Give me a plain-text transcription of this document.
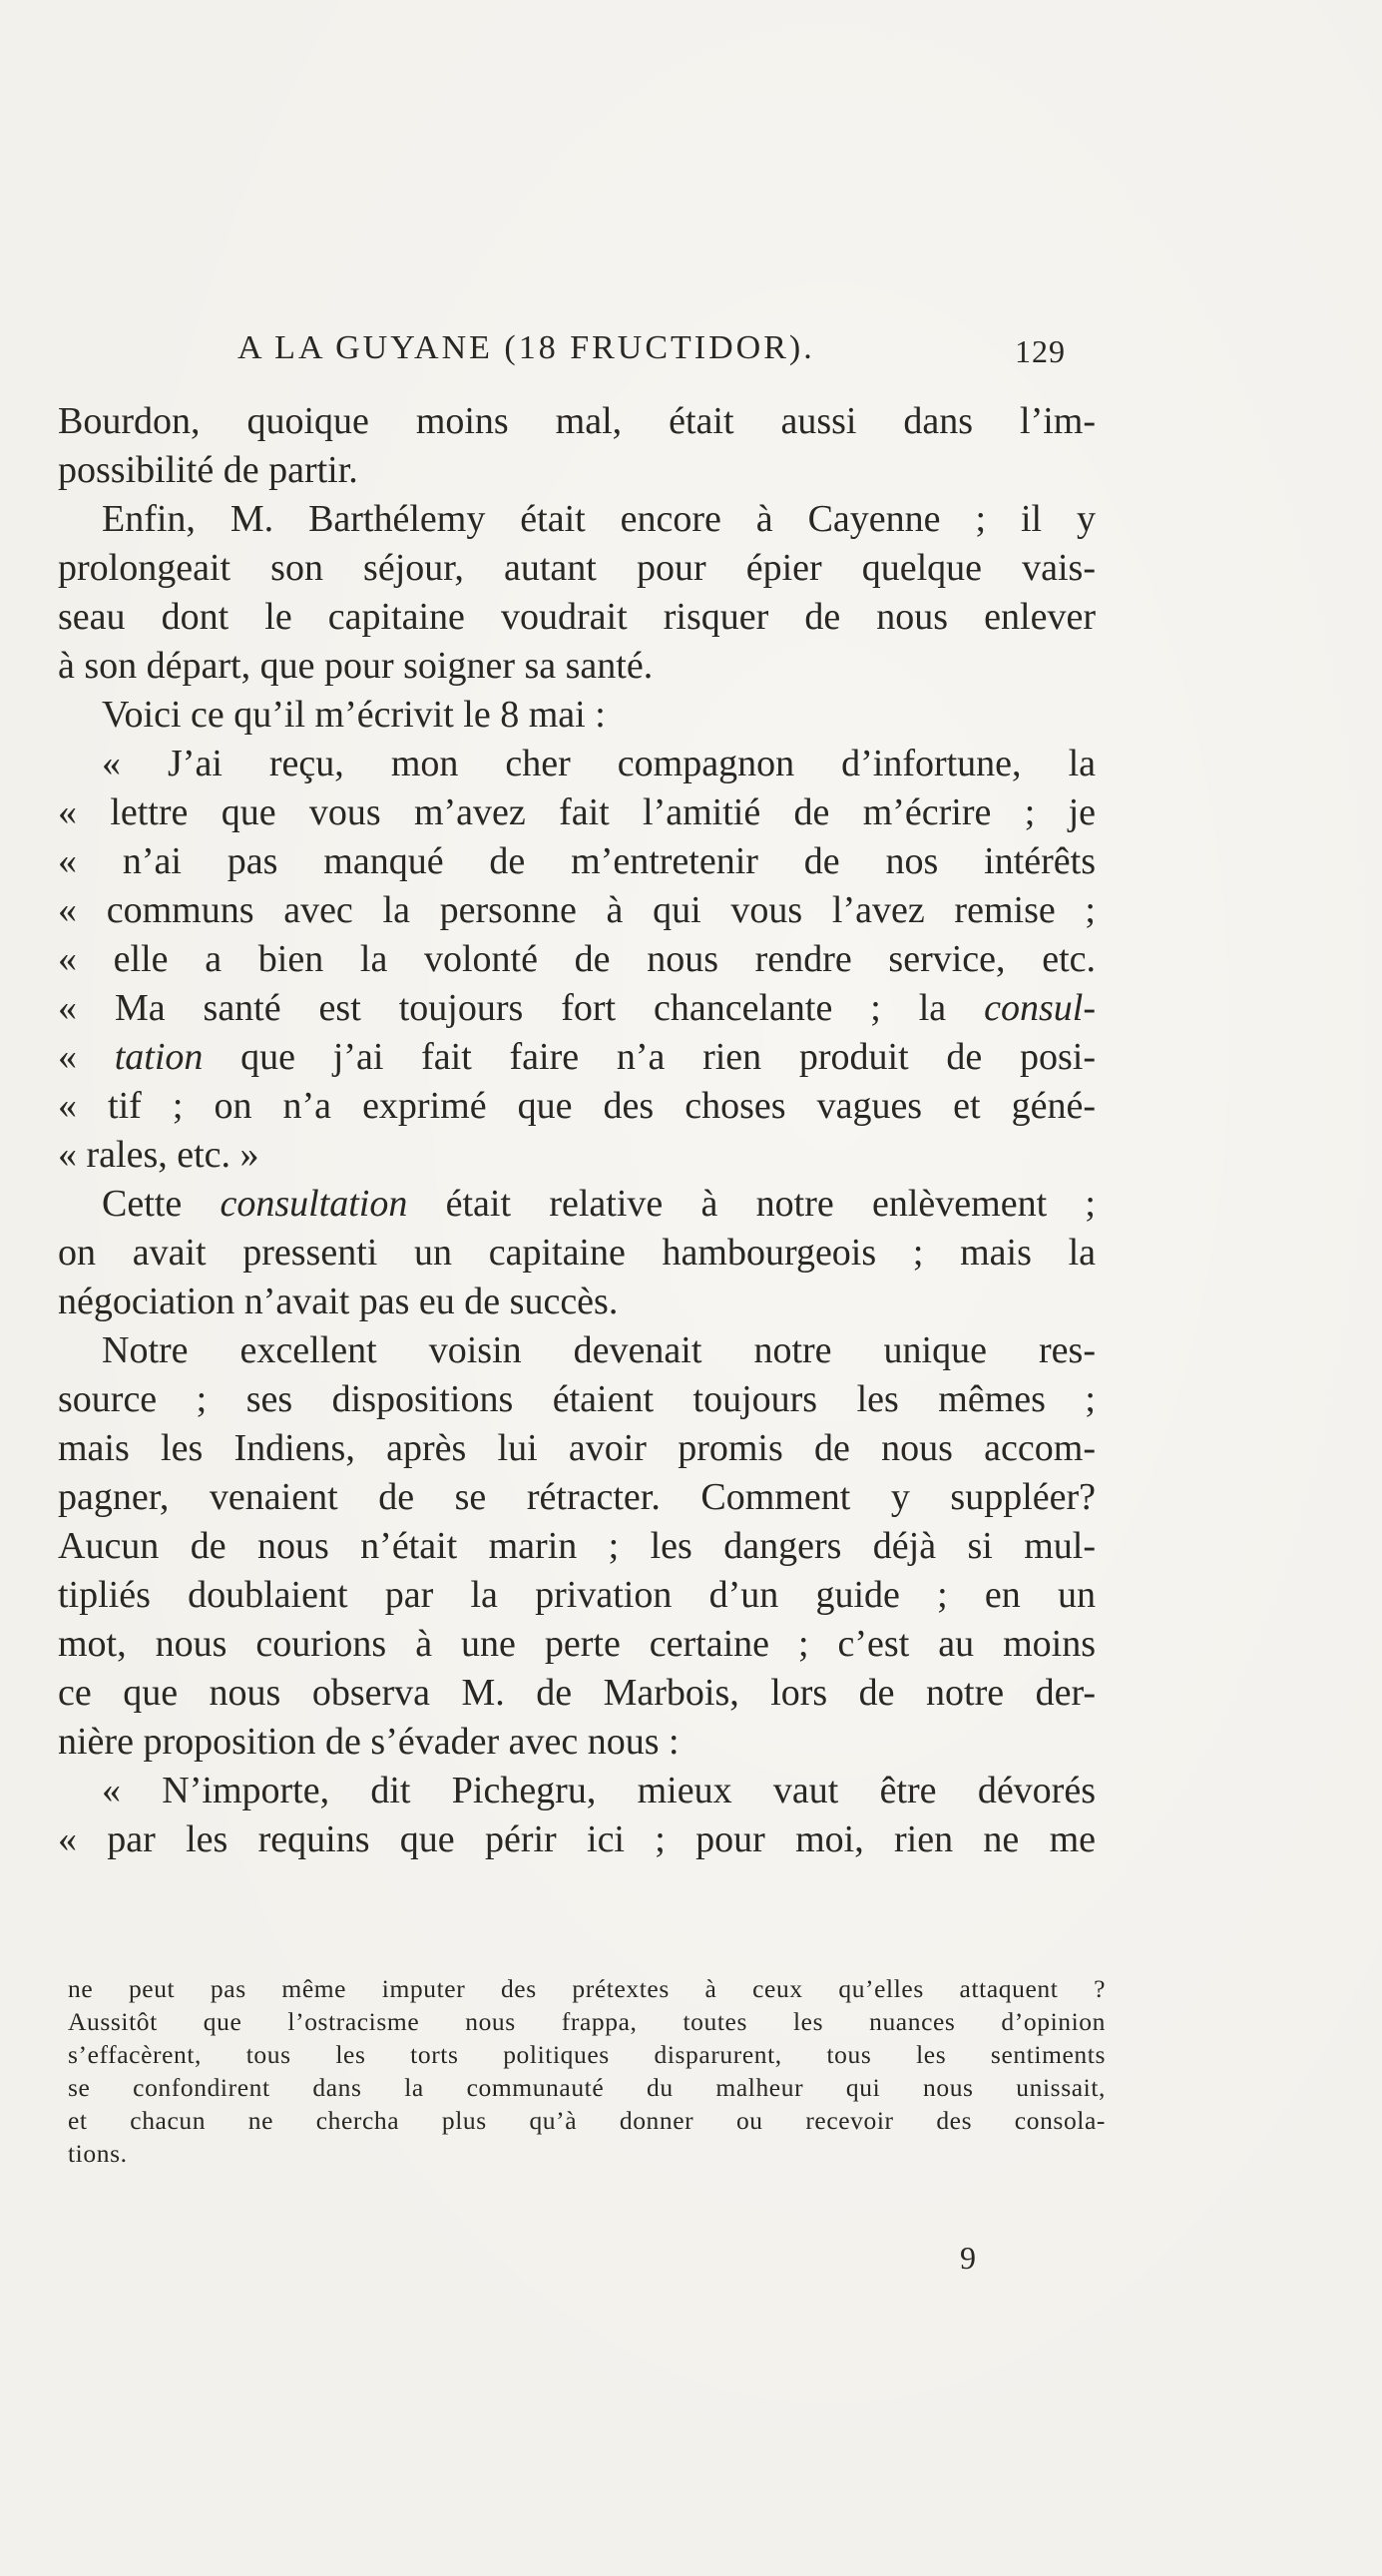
A LA GUYANE (18 FRUCTIDOR).	129
Bourdon, quoique moins mal, était aussi dans l’im-
possibilité de partir.
Enfin, M. Barthélemy était encore à Cayenne ; il y
prolongeait son séjour, autant pour épier quelque vais-
seau dont le capitaine voudrait risquer de nous enlever
à son départ, que pour soigner sa santé.
Voici ce qu’il m’écrivit le 8 mai :
« J’ai reçu, mon cher compagnon d’infortune, la
« lettre que vous m’avez fait l’amitié de m’écrire ; je
« n’ai pas manqué de m’entretenir de nos intérêts
« communs avec la personne à qui vous l’avez remise ;
« elle a bien la volonté de nous rendre service, etc.
« Ma santé est toujours fort chancelante ; la consul-
« tation que j’ai fait faire n’a rien produit de posi-
« tif ; on n’a exprimé que des choses vagues et géné-
« rales, etc. »
Cette consultation était relative à notre enlèvement ;
on avait pressenti un capitaine hambourgeois ; mais la
négociation n’avait pas eu de succès.
Notre excellent voisin devenait notre unique res-
source ; ses dispositions étaient toujours les mêmes ;
mais les Indiens, après lui avoir promis de nous accom-
pagner, venaient de se rétracter. Comment y suppléer?
Aucun de nous n’était marin ; les dangers déjà si mul-
tipliés doublaient par la privation d’un guide ; en un
mot, nous courions à une perte certaine ; c’est au moins
ce que nous observa M. de Marbois, lors de notre der-
nière proposition de s’évader avec nous :
« N’importe, dit Pichegru, mieux vaut être dévorés
« par les requins que périr ici ; pour moi, rien ne me
ne peut pas même imputer des prétextes à ceux qu’elles attaquent ?
Aussitôt que l’ostracisme nous frappa, toutes les nuances d’opinion
s’effacèrent, tous les torts politiques disparurent, tous les sentiments
se confondirent dans la communauté du malheur qui nous unissait,
et chacun ne chercha plus qu’à donner ou recevoir des consola-
tions.
9
